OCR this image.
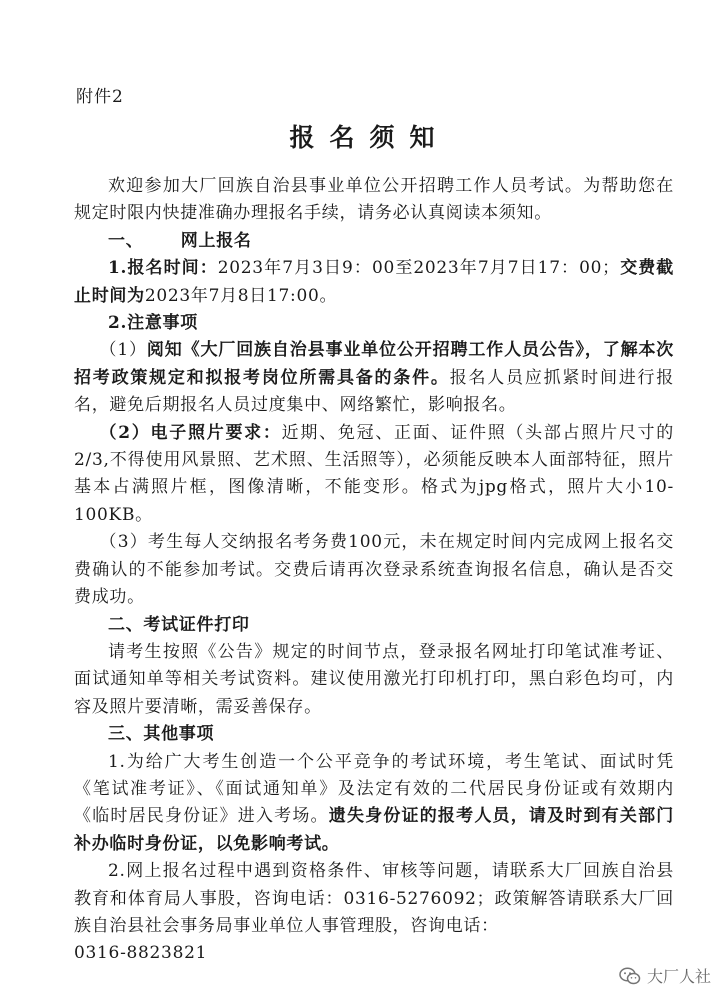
附件2
报名须知

欢迎参加大厂回族自治县事业单位公开招聘工作人员考试。为帮助您在规定时限内快捷准确办理报名手续，请务必认真阅读本须知。

一、 网上报名

1.报名时间：2023年7月3日9：00至2023年7月7日17：00；交费截止时间为2023年7月8日17:00。

2.注意事项

（1）阅知《大厂回族自治县事业单位公开招聘工作人员公告》，了解本次招考政策规定和拟报考岗位所需具备的条件。报名人员应抓紧时间进行报名，避免后期报名人员过度集中、网络繁忙，影响报名。

（2）电子照片要求：近期、免冠、正面、证件照（头部占照片尺寸的2/3,不得使用风景照、艺术照、生活照等），必须能反映本人面部特征，照片基本占满照片框，图像清晰，不能变形。格式为jpg格式，照片大小10-100KB。

（3）考生每人交纳报名考务费100元，未在规定时间内完成网上报名交费确认的不能参加考试。交费后请再次登录系统查询报名信息，确认是否交费成功。

二、考试证件打印

请考生按照《公告》规定的时间节点，登录报名网址打印笔试准考证、面试通知单等相关考试资料。建议使用激光打印机打印，黑白彩色均可，内容及照片要清晰，需妥善保存。

三、其他事项

1.为给广大考生创造一个公平竞争的考试环境，考生笔试、面试时凭《笔试准考证》、《面试通知单》及法定有效的二代居民身份证或有效期内《临时居民身份证》进入考场。遗失身份证的报考人员，请及时到有关部门补办临时身份证，以免影响考试。

2.网上报名过程中遇到资格条件、审核等问题，请联系大厂回族自治县教育和体育局人事股，咨询电话：0316-5276092；政策解答请联系大厂回族自治县社会事务局事业单位人事管理股，咨询电话：

0316-8823821

大厂人社
